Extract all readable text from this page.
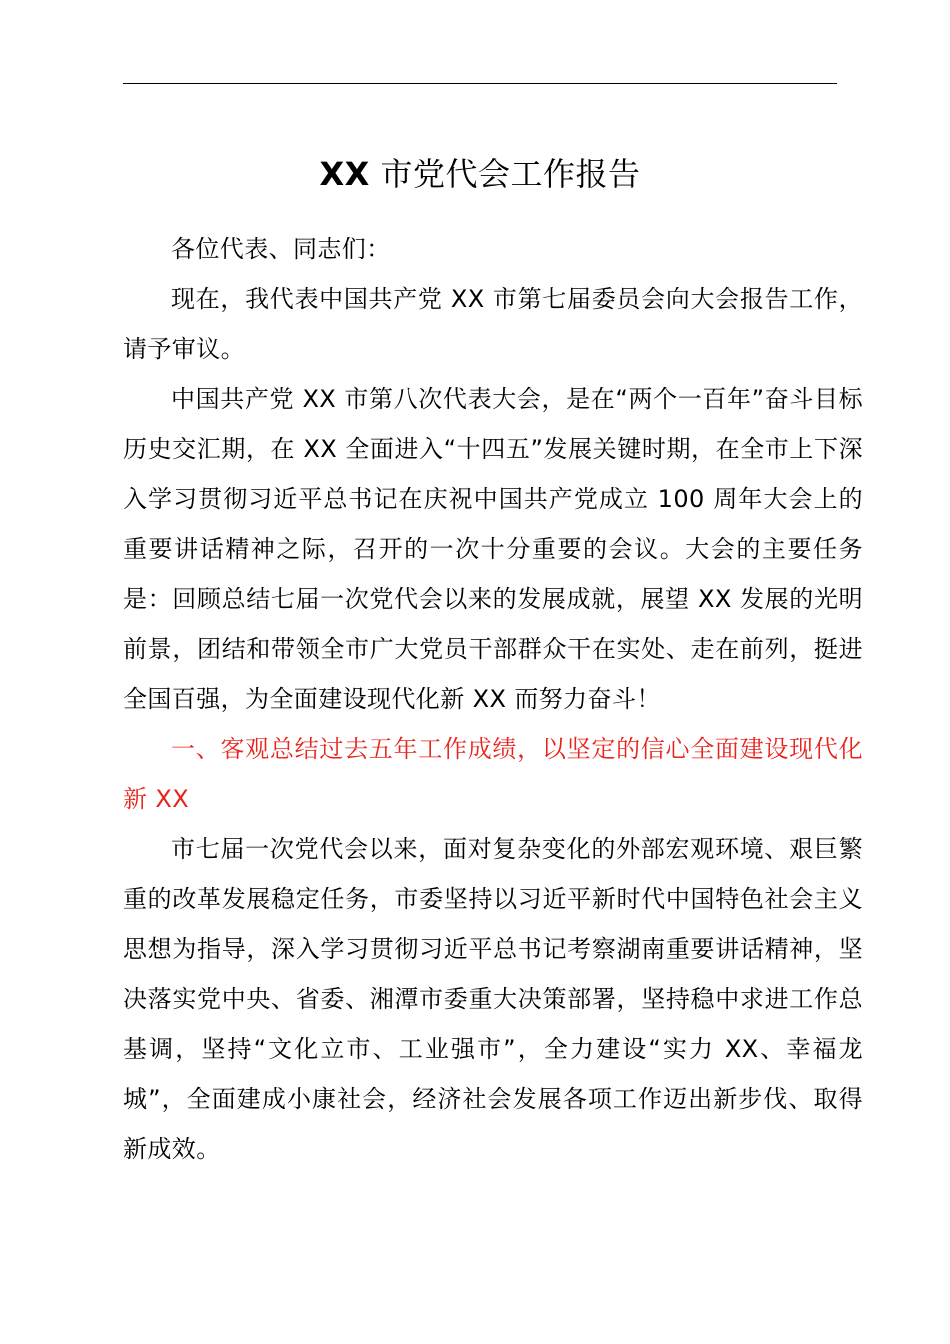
XX 市党代会工作报告

各位代表、同志们：

现在，我代表中国共产党 XX 市第七届委员会向大会报告工作，请予审议。

中国共产党 XX 市第八次代表大会，是在“两个一百年”奋斗目标历史交汇期，在 XX 全面进入“十四五”发展关键时期，在全市上下深入学习贯彻习近平总书记在庆祝中国共产党成立 100 周年大会上的重要讲话精神之际，召开的一次十分重要的会议。大会的主要任务是：回顾总结七届一次党代会以来的发展成就，展望 XX 发展的光明前景，团结和带领全市广大党员干部群众干在实处、走在前列，挺进全国百强，为全面建设现代化新 XX 而努力奋斗！

一、客观总结过去五年工作成绩，以坚定的信心全面建设现代化新 XX

市七届一次党代会以来，面对复杂变化的外部宏观环境、艰巨繁重的改革发展稳定任务，市委坚持以习近平新时代中国特色社会主义思想为指导，深入学习贯彻习近平总书记考察湖南重要讲话精神，坚决落实党中央、省委、湘潭市委重大决策部署，坚持稳中求进工作总基调，坚持“文化立市、工业强市”，全力建设“实力 XX、幸福龙城”，全面建成小康社会，经济社会发展各项工作迈出新步伐、取得新成效。
